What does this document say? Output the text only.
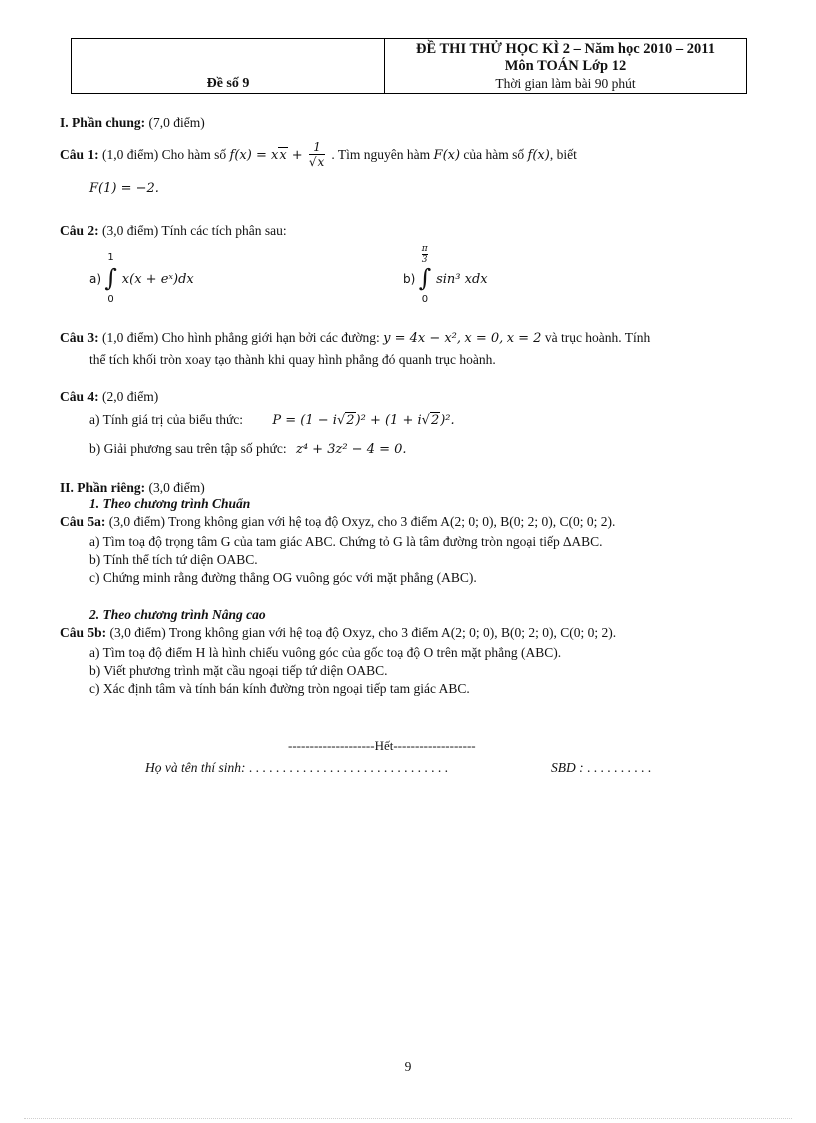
Đề số 9
ĐỀ THI THỬ HỌC KÌ 2 – Năm học 2010 – 2011
Môn TOÁN Lớp 12
Thời gian làm bài 90 phút
I. Phần chung: (7,0 điểm)
Câu 1: (1,0 điểm) Cho hàm số f(x) = xx + $\frac{1}{√x}$ . Tìm nguyên hàm F(x) của hàm số f(x), biết
F(1) = −2.
Câu 2: (3,0 điểm) Tính các tích phân sau:
a)
1
∫
0
x(x + eˣ)dx	b)
π
3
∫
0
sin³ xdx
Câu 3: (1,0 điểm) Cho hình phẳng giới hạn bởi các đường: y = 4x − x², x = 0, x = 2 và trục hoành. Tính
thể tích khối tròn xoay tạo thành khi quay hình phẳng đó quanh trục hoành.
Câu 4: (2,0 điểm)
a) Tính giá trị của biểu thức: P = (1 − i√2)² + (1 + i√2)².
b) Giải phương sau trên tập số phức: z⁴ + 3z² − 4 = 0.
II. Phần riêng: (3,0 điểm)
1. Theo chương trình Chuẩn
Câu 5a: (3,0 điểm) Trong không gian với hệ toạ độ Oxyz, cho 3 điểm A(2; 0; 0), B(0; 2; 0), C(0; 0; 2).
a) Tìm toạ độ trọng tâm G của tam giác ABC. Chứng tỏ G là tâm đường tròn ngoại tiếp ∆ABC.
b) Tính thể tích tứ diện OABC.
c) Chứng minh rằng đường thẳng OG vuông góc với mặt phẳng (ABC).
2. Theo chương trình Nâng cao
Câu 5b: (3,0 điểm) Trong không gian với hệ toạ độ Oxyz, cho 3 điểm A(2; 0; 0), B(0; 2; 0), C(0; 0; 2).
a) Tìm toạ độ điểm H là hình chiếu vuông góc của gốc toạ độ O trên mặt phẳng (ABC).
b) Viết phương trình mặt cầu ngoại tiếp tứ diện OABC.
c) Xác định tâm và tính bán kính đường tròn ngoại tiếp tam giác ABC.
--------------------Hết-------------------
Họ và tên thí sinh: . . . . . . . . . . . . . . . . . . . . . . . . . . . . . .	SBD : . . . . . . . . . .
9
